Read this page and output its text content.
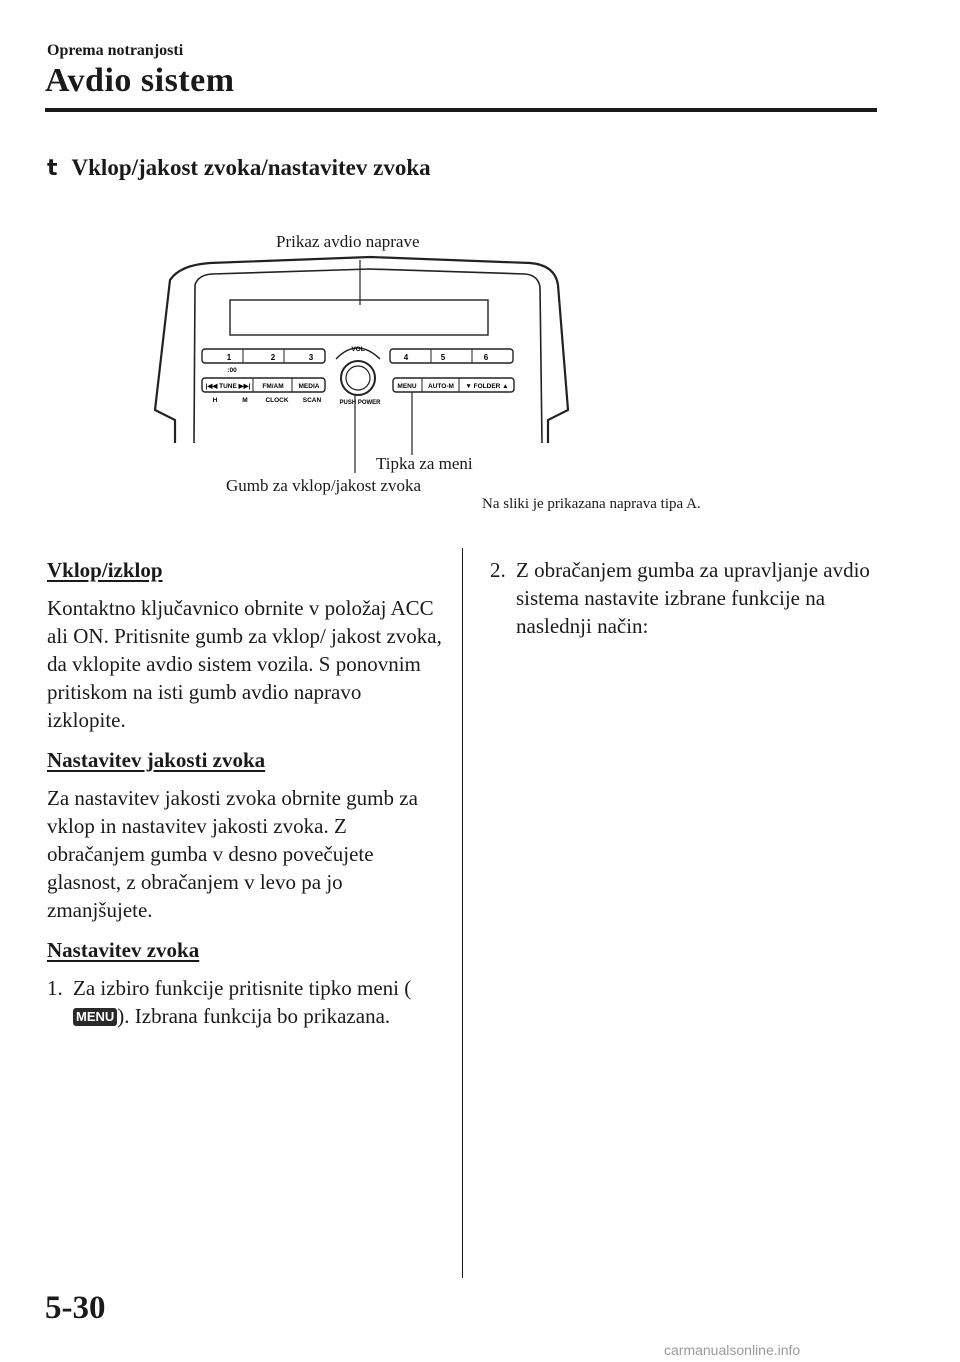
Oprema notranjosti
Avdio sistem
t Vklop/jakost zvoka/nastavitev zvoka
1	2	3
:00
4	5	6
|◀◀ TUNE ▶▶| FM/AM MEDIA
H	M	CLOCK SCAN
MENU AUTO-M ▼ FOLDER ▲
VOL
PUSH POWER
Prikaz avdio naprave
Tipka za meni
Gumb za vklop/jakost zvoka
Na sliki je prikazana naprava tipa A.
Vklop/izklop

Kontaktno ključavnico obrnite v položaj ACC ali ON. Pritisnite gumb za vklop/ jakost zvoka, da vklopite avdio sistem vozila. S ponovnim pritiskom na isti gumb avdio napravo izklopite.

Nastavitev jakosti zvoka

Za nastavitev jakosti zvoka obrnite gumb za vklop in nastavitev jakosti zvoka. Z obračanjem gumba v desno povečujete glasnost, z obračanjem v levo pa jo zmanjšujete.

Nastavitev zvoka
1. Za izbiro funkcije pritisnite tipko meni (MENU ). Izbrana funkcija bo prikazana.
2. Z obračanjem gumba za upravljanje avdio sistema nastavite izbrane funkcije na naslednji način:
5-30
carmanualsonline.info
